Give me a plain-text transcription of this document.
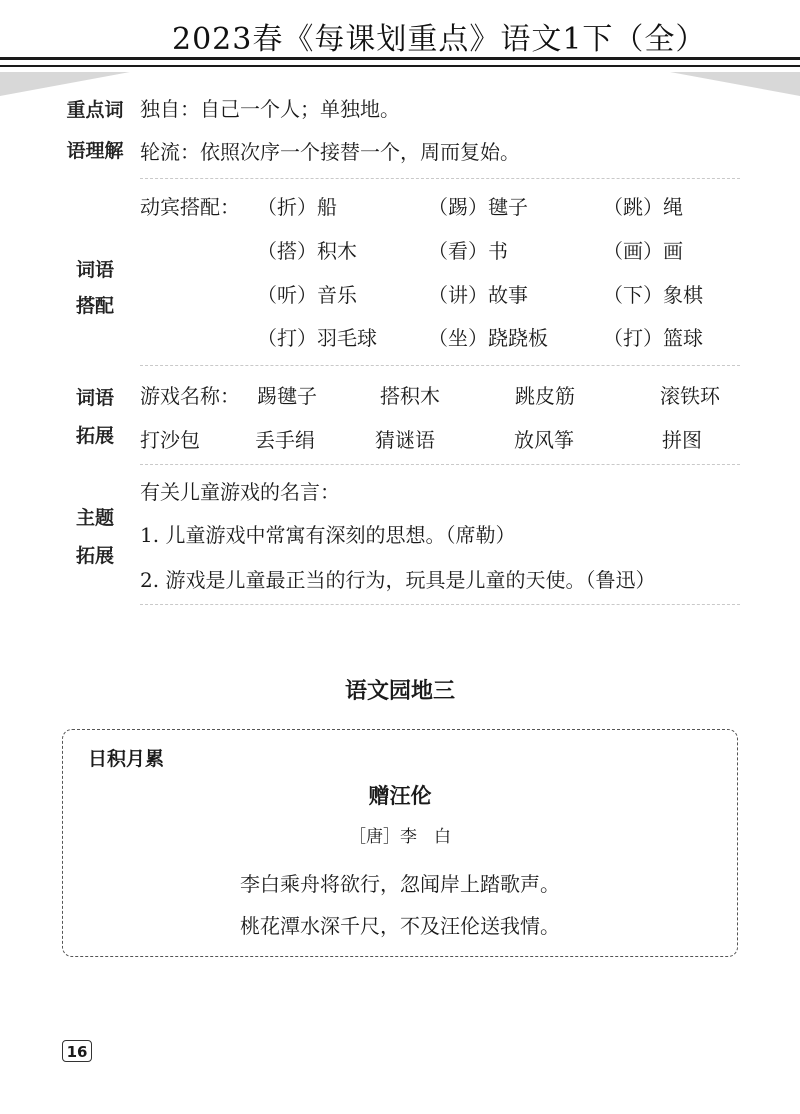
2023春《每课划重点》语文1下（全）
重点词
语理解
独自：自己一个人；单独地。
轮流：依照次序一个接替一个，周而复始。
词语
搭配
动宾搭配： （折）船	（踢）毽子	（跳）绳
（搭）积木	（看）书	（画）画
（听）音乐	（讲）故事	（下）象棋
（打）羽毛球	（坐）跷跷板	（打）篮球
词语
拓展
游戏名称： 踢毽子	搭积木	跳皮筋	滚铁环
打沙包	丢手绢	猜谜语	放风筝	拼图
主题
拓展
有关儿童游戏的名言：
1. 儿童游戏中常寓有深刻的思想。（席勒）
2. 游戏是儿童最正当的行为，玩具是儿童的天使。（鲁迅）
语文园地三
日积月累
赠汪伦
［唐］李　白
李白乘舟将欲行，忽闻岸上踏歌声。
桃花潭水深千尺，不及汪伦送我情。
16
